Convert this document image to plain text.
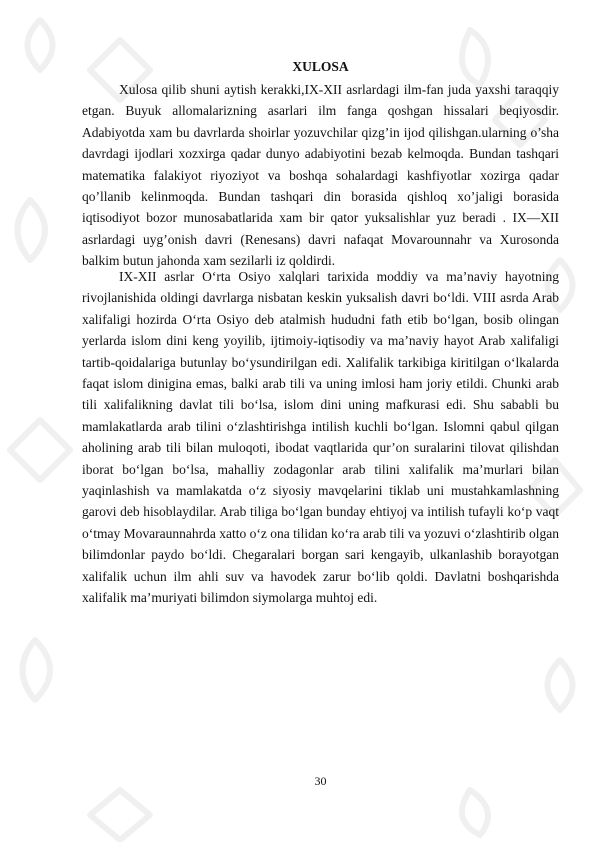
XULOSA

Xulosa qilib shuni aytish kerakki,IX-XII asrlardagi ilm-fan juda yaxshi taraqqiy etgan. Buyuk allomalarizning asarlari ilm fanga qoshgan hissalari beqiyosdir. Adabiyotda xam bu davrlarda shoirlar yozuvchilar qizg’in ijod qilishgan.ularning o’sha davrdagi ijodlari xozxirga qadar dunyo adabiyotini bezab kelmoqda. Bundan tashqari matematika falakiyot riyoziyot va boshqa sohalardagi kashfiyotlar xozirga qadar qo’llanib kelinmoqda. Bundan tashqari din borasida qishloq xo’jaligi borasida iqtisodiyot bozor munosabatlarida xam bir qator yuksalishlar yuz beradi . IX—XII asrlardagi uyg’onish davri (Renesans) davri nafaqat Movarounnahr va Xurosonda balkim butun jahonda xam sezilarli iz qoldirdi.

IX-XII asrlar O‘rta Osiyo xalqlari tarixida moddiy va ma’naviy hayotning rivojlanishida oldingi davrlarga nisbatan keskin yuksalish davri bo‘ldi. VIII asrda Arab xalifaligi hozirda O‘rta Osiyo deb atalmish hududni fath etib bo‘lgan, bosib olingan yerlarda islom dini keng yoyilib, ijtimoiy-iqtisodiy va ma’naviy hayot Arab xalifaligi tartib-qoidalariga butunlay bo‘ysundirilgan edi. Xalifalik tarkibiga kiritilgan o‘lkalarda faqat islom dinigina emas, balki arab tili va uning imlosi ham joriy etildi. Chunki arab tili xalifalikning davlat tili bo‘lsa, islom dini uning mafkurasi edi. Shu sababli bu mamlakatlarda arab tilini o‘zlashtirishga intilish kuchli bo‘lgan. Islomni qabul qilgan aholining arab tili bilan muloqoti, ibodat vaqtlarida qur’on suralarini tilovat qilishdan iborat bo‘lgan bo‘lsa, mahalliy zodagonlar arab tilini xalifalik ma’murlari bilan yaqinlashish va mamlakatda o‘z siyosiy mavqelarini tiklab uni mustahkamlashning garovi deb hisoblaydilar. Arab tiliga bo‘lgan bunday ehtiyoj va intilish tufayli ko‘p vaqt o‘tmay Movaraunnahrda xatto o‘z ona tilidan ko‘ra arab tili va yozuvi o‘zlashtirib olgan bilimdonlar paydo bo‘ldi. Chegaralari borgan sari kengayib, ulkanlashib borayotgan xalifalik uchun ilm ahli suv va havodek zarur bo‘lib qoldi. Davlatni boshqarishda xalifalik ma’muriyati bilimdon siymolarga muhtoj edi.

30
